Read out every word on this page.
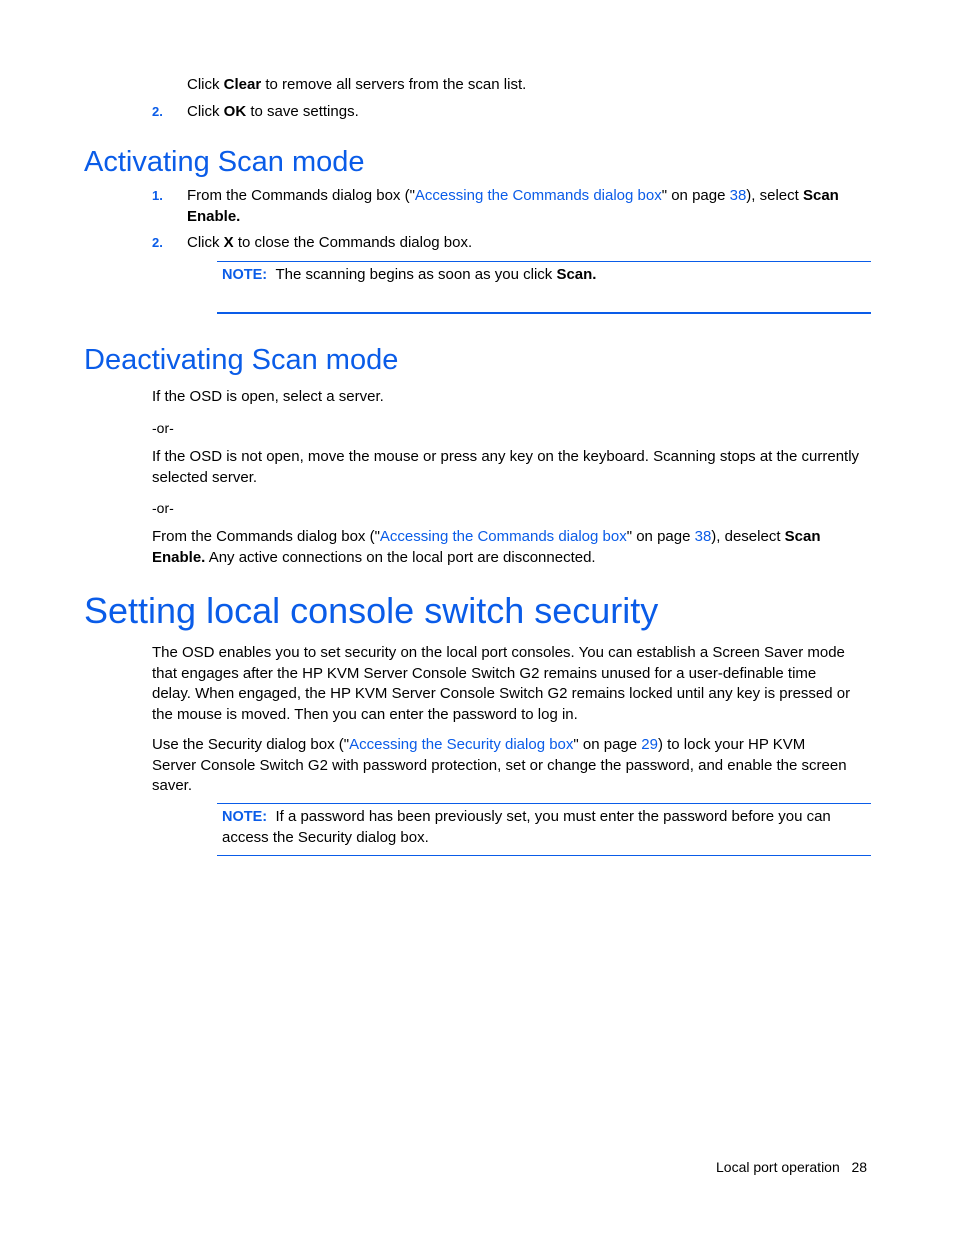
Click Clear to remove all servers from the scan list.

2. Click OK to save settings.

Activating Scan mode
1. From the Commands dialog box ("Accessing the Commands dialog box" on page 38), select Scan
Enable.

2. Click X to close the Commands dialog box.

NOTE: The scanning begins as soon as you click Scan.

Deactivating Scan mode

If the OSD is open, select a server.

-or-

If the OSD is not open, move the mouse or press any key on the keyboard. Scanning stops at the currently
selected server.

-or-

From the Commands dialog box ("Accessing the Commands dialog box" on page 38), deselect Scan
Enable. Any active connections on the local port are disconnected.

Setting local console switch security

The OSD enables you to set security on the local port consoles. You can establish a Screen Saver mode
that engages after the HP KVM Server Console Switch G2 remains unused for a user-definable time
delay. When engaged, the HP KVM Server Console Switch G2 remains locked until any key is pressed or
the mouse is moved. Then you can enter the password to log in.

Use the Security dialog box ("Accessing the Security dialog box" on page 29) to lock your HP KVM
Server Console Switch G2 with password protection, set or change the password, and enable the screen
saver.

NOTE: If a password has been previously set, you must enter the password before you can
access the Security dialog box.

Local port operation 28
